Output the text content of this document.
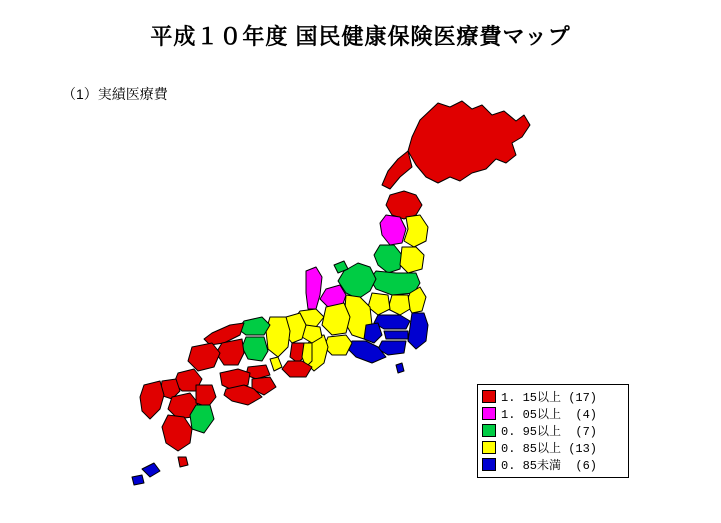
平成１０年度 国民健康保険医療費マップ
（1）実績医療費
1. 15以上 (17)
1. 05以上  (4)
0. 95以上  (7)
0. 85以上 (13)
0. 85未満  (6)
